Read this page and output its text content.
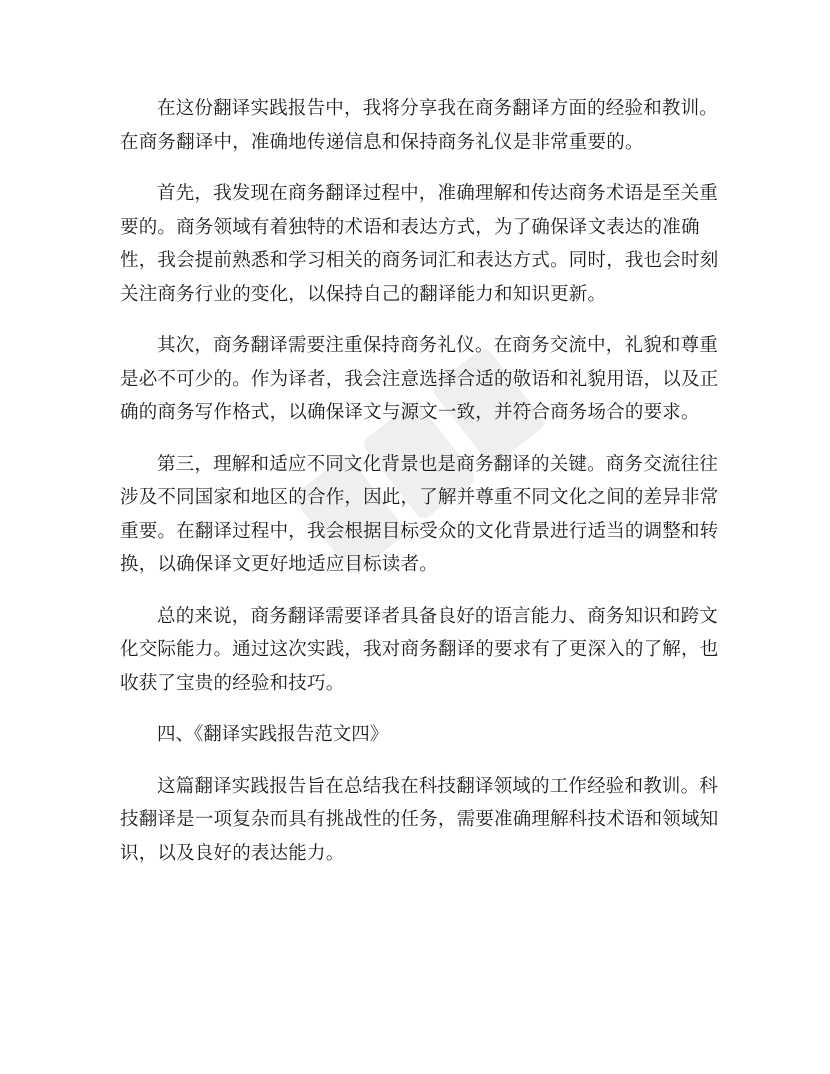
在这份翻译实践报告中，我将分享我在商务翻译方面的经验和教训。在商务翻译中，准确地传递信息和保持商务礼仪是非常重要的。

首先，我发现在商务翻译过程中，准确理解和传达商务术语是至关重要的。商务领域有着独特的术语和表达方式，为了确保译文表达的准确性，我会提前熟悉和学习相关的商务词汇和表达方式。同时，我也会时刻关注商务行业的变化，以保持自己的翻译能力和知识更新。

其次，商务翻译需要注重保持商务礼仪。在商务交流中，礼貌和尊重是必不可少的。作为译者，我会注意选择合适的敬语和礼貌用语，以及正确的商务写作格式，以确保译文与源文一致，并符合商务场合的要求。

第三，理解和适应不同文化背景也是商务翻译的关键。商务交流往往涉及不同国家和地区的合作，因此，了解并尊重不同文化之间的差异非常重要。在翻译过程中，我会根据目标受众的文化背景进行适当的调整和转换，以确保译文更好地适应目标读者。

总的来说，商务翻译需要译者具备良好的语言能力、商务知识和跨文化交际能力。通过这次实践，我对商务翻译的要求有了更深入的了解，也收获了宝贵的经验和技巧。

四、《翻译实践报告范文四》

这篇翻译实践报告旨在总结我在科技翻译领域的工作经验和教训。科技翻译是一项复杂而具有挑战性的任务，需要准确理解科技术语和领域知识，以及良好的表达能力。
